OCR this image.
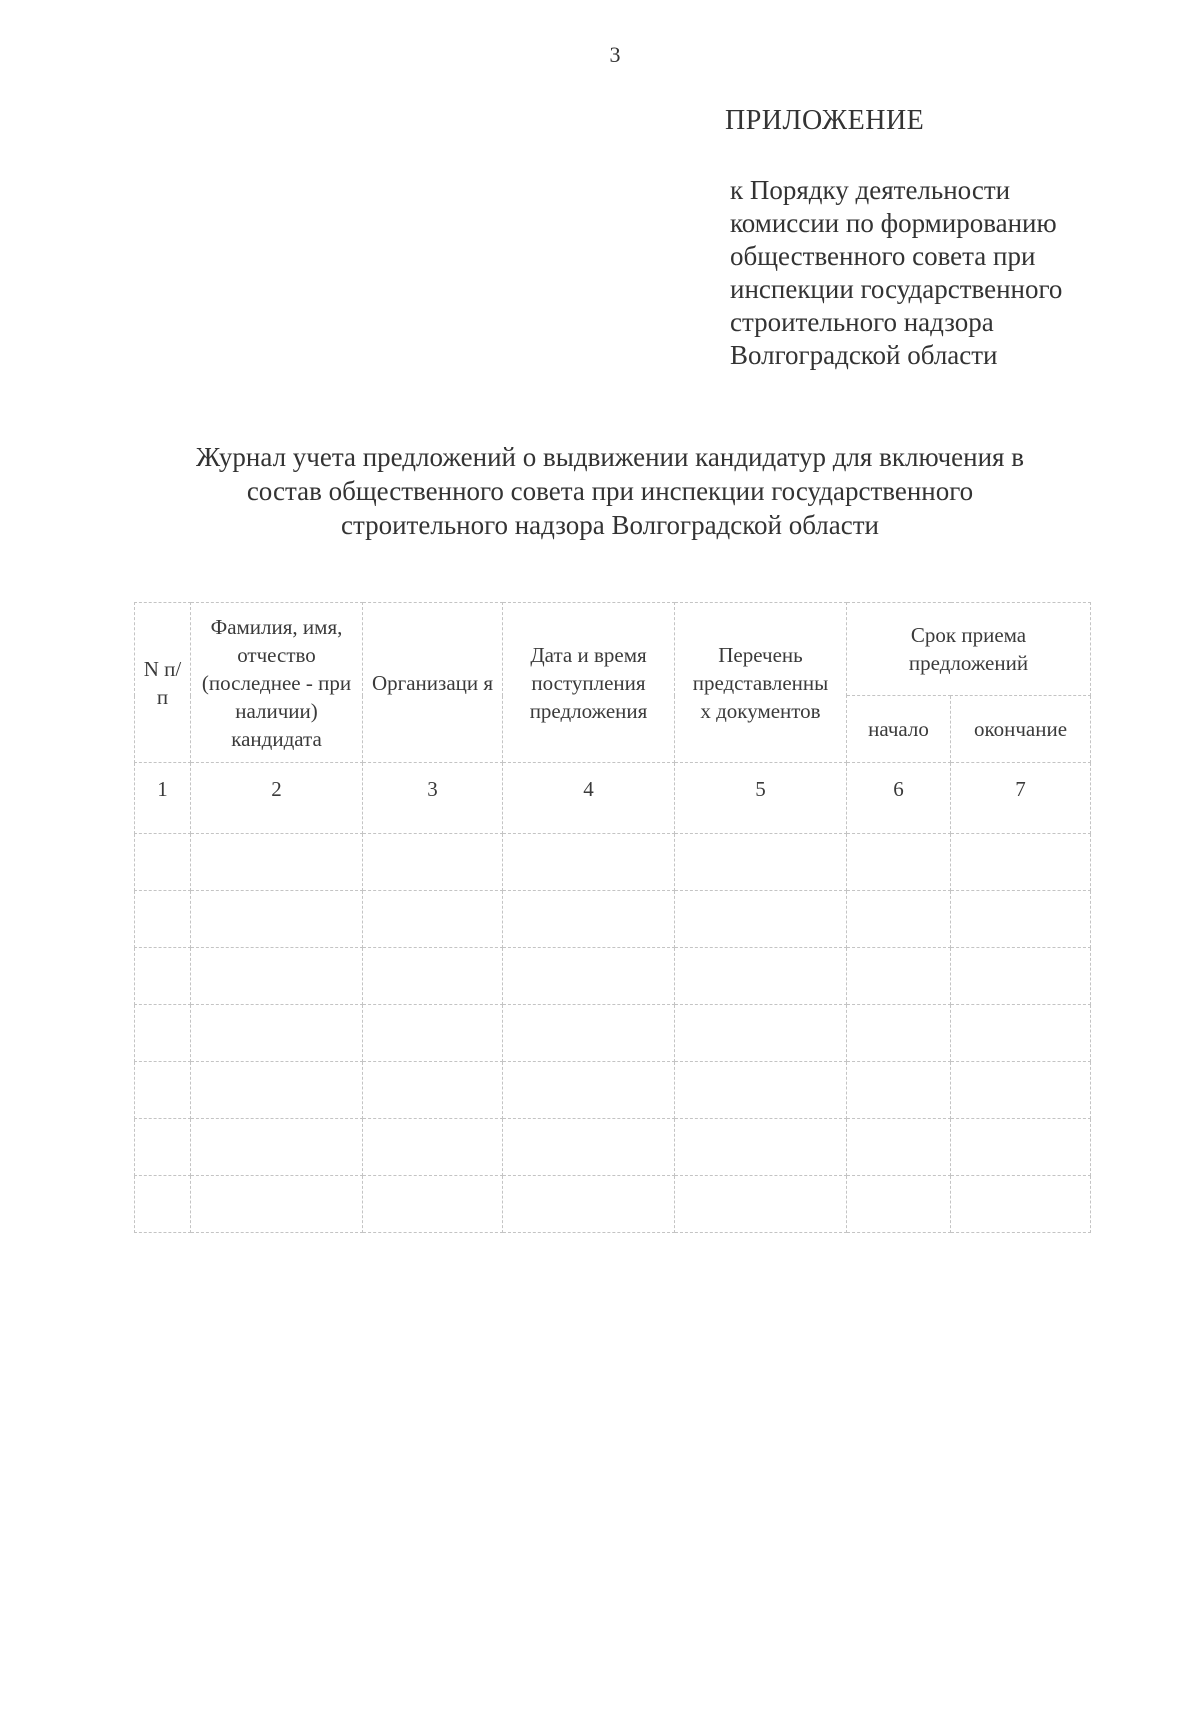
3
ПРИЛОЖЕНИЕ
к Порядку деятельности
комиссии по формированию
общественного совета при
инспекции государственного
строительного надзора
Волгоградской области
Журнал учета предложений о выдвижении кандидатур для включения в
состав общественного совета при инспекции государственного
строительного надзора Волгоградской области
N п/п	Фамилия, имя, отчество (последнее - при наличии) кандидата	Организаци я	Дата и время поступления предложения	Перечень представленны х документов	Срок приема предложений	

					начало	окончание

1	2	3	4	5	6	7
